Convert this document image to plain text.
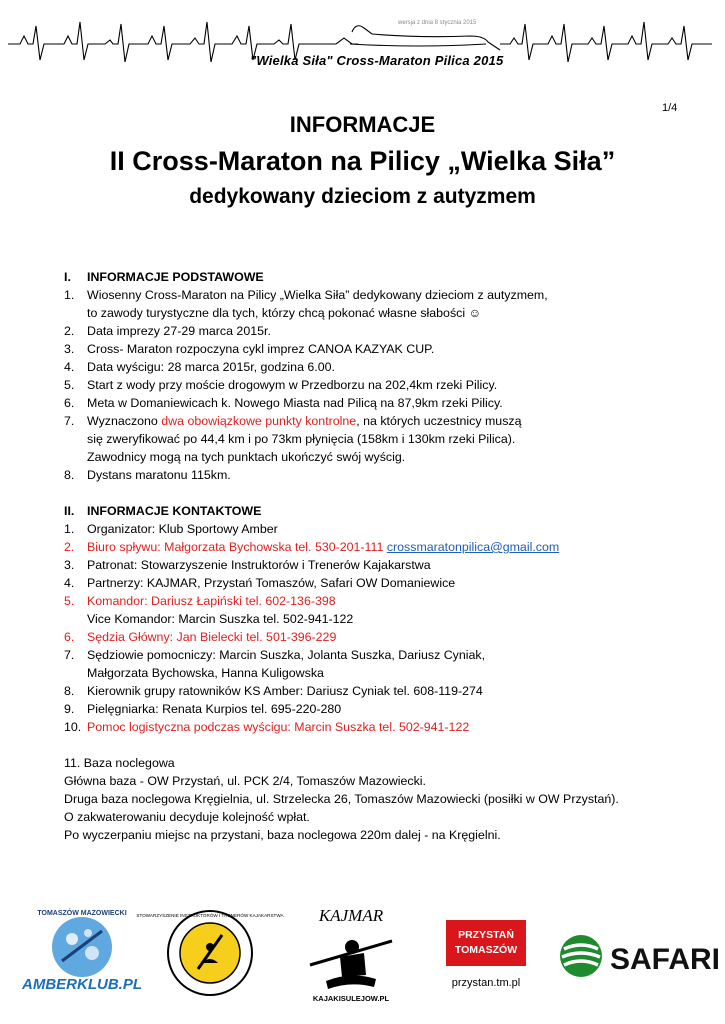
wersja z dnia 8 stycznia 2015
"Wielka Siła" Cross-Maraton Pilica 2015
1/4
INFORMACJE
II Cross-Maraton na Pilicy „Wielka Siła”
dedykowany dzieciom z autyzmem
I.	INFORMACJE PODSTAWOWE
1.	Wiosenny Cross-Maraton na Pilicy „Wielka Siła” dedykowany dzieciom z autyzmem,
to zawody turystyczne dla tych, którzy chcą pokonać własne słabości ☺
2.	Data imprezy 27-29 marca 2015r.
3.	Cross- Maraton rozpoczyna cykl imprez CANOA KAZYAK CUP.
4.	Data wyścigu: 28 marca 2015r, godzina 6.00.
5.	Start z wody przy moście drogowym w Przedborzu na 202,4km rzeki Pilicy.
6.	Meta w Domaniewicach k. Nowego Miasta nad Pilicą na 87,9km rzeki Pilicy.
7.	Wyznaczono dwa obowiązkowe punkty kontrolne, na których uczestnicy muszą
się zweryfikować po 44,4 km i po 73km płynięcia (158km i 130km rzeki Pilica).
Zawodnicy mogą na tych punktach ukończyć swój wyścig.
8.	Dystans maratonu 115km.
II.	INFORMACJE KONTAKTOWE
1.	Organizator: Klub Sportowy Amber
2.	Biuro spływu: Małgorzata Bychowska tel. 530-201-111 crossmaratonpilica@gmail.com
3.	Patronat: Stowarzyszenie Instruktorów i Trenerów Kajakarstwa
4.	Partnerzy: KAJMAR, Przystań Tomaszów, Safari OW Domaniewice
5.	Komandor: Dariusz Łapiński tel. 602-136-398
Vice Komandor: Marcin Suszka tel. 502-941-122
6.	Sędzia Główny: Jan Bielecki tel. 501-396-229
7.	Sędziowie pomocniczy: Marcin Suszka, Jolanta Suszka, Dariusz Cyniak,
Małgorzata Bychowska, Hanna Kuligowska
8.	Kierownik grupy ratowników KS Amber: Dariusz Cyniak tel. 608-119-274
9.	Pielęgniarka: Renata Kurpios tel. 695-220-280
10. Pomoc logistyczna podczas wyścigu: Marcin Suszka tel. 502-941-122
11. Baza noclegowa
Główna baza - OW Przystań, ul. PCK 2/4, Tomaszów Mazowiecki.
Druga baza noclegowa Kręgielnia, ul. Strzelecka 26, Tomaszów Mazowiecki (posiłki w OW Przystań).
O zakwaterowaniu decyduje kolejność wpłat.
Po wyczerpaniu miejsc na przystani, baza noclegowa 220m dalej - na Kręgielni.
TOMASZÓW MAZOWIECKI
AMBERKLUB.PL
STOWARZYSZENIE INSTRUKTORÓW I TRENERÓW KAJAKARSTWA KAJMAR
KAJAKISULEJOW.PL
PRZYSTAŃ
TOMASZÓW
przystan.tm.pl
SAFARI
